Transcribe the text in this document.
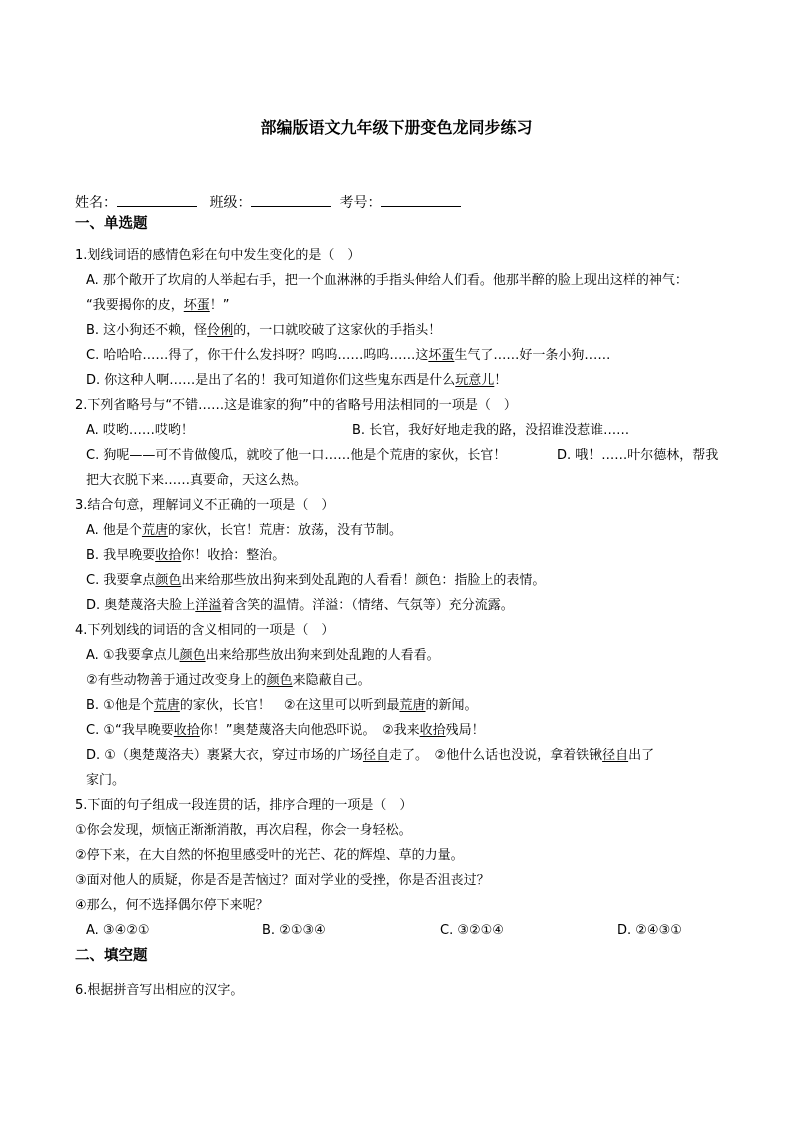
部编版语文九年级下册变色龙同步练习
姓名：	班级：	考号：
一、单选题
1.划线词语的感情色彩在句中发生变化的是（　）
A. 那个敞开了坎肩的人举起右手，把一个血淋淋的手指头伸给人们看。他那半醉的脸上现出这样的神气：
“我要揭你的皮，坏蛋！”
B. 这小狗还不赖，怪伶俐的，一口就咬破了这家伙的手指头！
C. 哈哈哈……得了，你干什么发抖呀？呜呜……呜呜……这坏蛋生气了……好一条小狗……
D. 你这种人啊……是出了名的！我可知道你们这些鬼东西是什么玩意儿！
2.下列省略号与“不错……这是谁家的狗”中的省略号用法相同的一项是（　）
A. 哎哟……哎哟！	B. 长官，我好好地走我的路，没招谁没惹谁……
C. 狗呢——可不肯做傻瓜，就咬了他一口……他是个荒唐的家伙，长官！	D. 哦！……叶尔德林，帮我
把大衣脱下来……真要命，天这么热。
3.结合句意，理解词义不正确的一项是（　）
A. 他是个荒唐的家伙，长官！荒唐：放荡，没有节制。
B. 我早晚要收拾你！收拾：整治。
C. 我要拿点颜色出来给那些放出狗来到处乱跑的人看看！颜色：指脸上的表情。
D. 奥楚蔑洛夫脸上洋溢着含笑的温情。洋溢：（情绪、气氛等）充分流露。
4.下列划线的词语的含义相同的一项是（　）
A. ①我要拿点儿颜色出来给那些放出狗来到处乱跑的人看看。
②有些动物善于通过改变身上的颜色来隐蔽自己。
B. ①他是个荒唐的家伙，长官！　②在这里可以听到最荒唐的新闻。
C. ①“我早晚要收拾你！”奥楚蔑洛夫向他恐吓说。　②我来收拾残局！
D. ①（奥楚蔑洛夫）裹紧大衣，穿过市场的广场径自走了。　②他什么话也没说，拿着铁锹径自出了
家门。
5.下面的句子组成一段连贯的话，排序合理的一项是（　）
①你会发现，烦恼正渐渐消散，再次启程，你会一身轻松。
②停下来，在大自然的怀抱里感受叶的光芒、花的辉煌、草的力量。
③面对他人的质疑，你是否是苦恼过？面对学业的受挫，你是否沮丧过？
④那么，何不选择偶尔停下来呢？
A. ③④②①	B. ②①③④	C. ③②①④	D. ②④③①
二、填空题
6.根据拼音写出相应的汉字。
